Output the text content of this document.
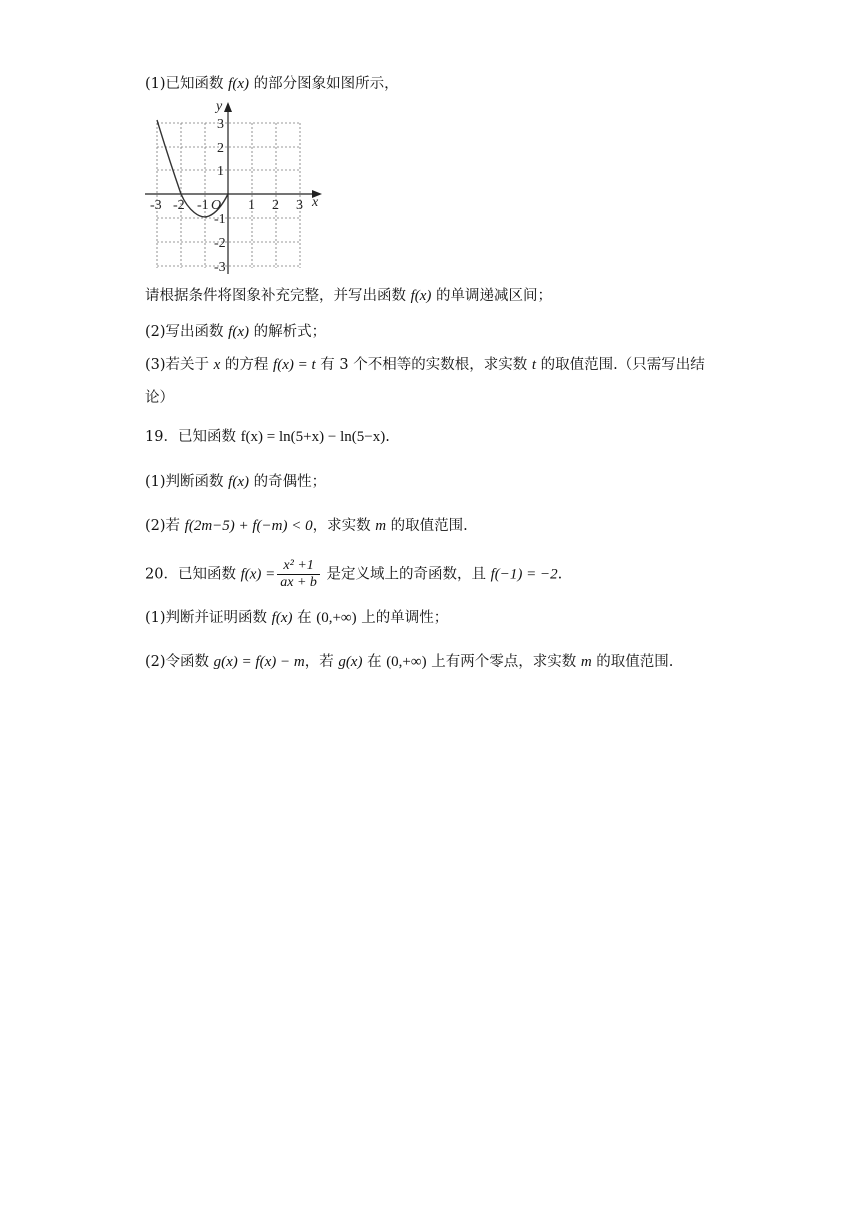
(1)已知函数 f(x) 的部分图象如图所示，
y
x
O
-3 -2 -1	1 2 3
3
2
1
-1
-2
-3
请根据条件将图象补充完整，并写出函数 f(x) 的单调递减区间；
(2)写出函数 f(x) 的解析式；
(3)若关于 x 的方程 f(x) = t 有 3 个不相等的实数根，求实数 t 的取值范围.（只需写出结
论）
19．已知函数 f(x) = ln(5+x) − ln(5−x).
(1)判断函数 f(x) 的奇偶性；
(2)若 f(2m−5) + f(−m) < 0，求实数 m 的取值范围.
20．已知函数 $f(x) = \frac{\text{x² +1}}{ax + b}$ 是定义域上的奇函数，且 f(−1) = −2.
(1)判断并证明函数 f(x) 在 (0,+∞) 上的单调性；
(2)令函数 g(x) = f(x) − m，若 g(x) 在 (0,+∞) 上有两个零点，求实数 m 的取值范围.
